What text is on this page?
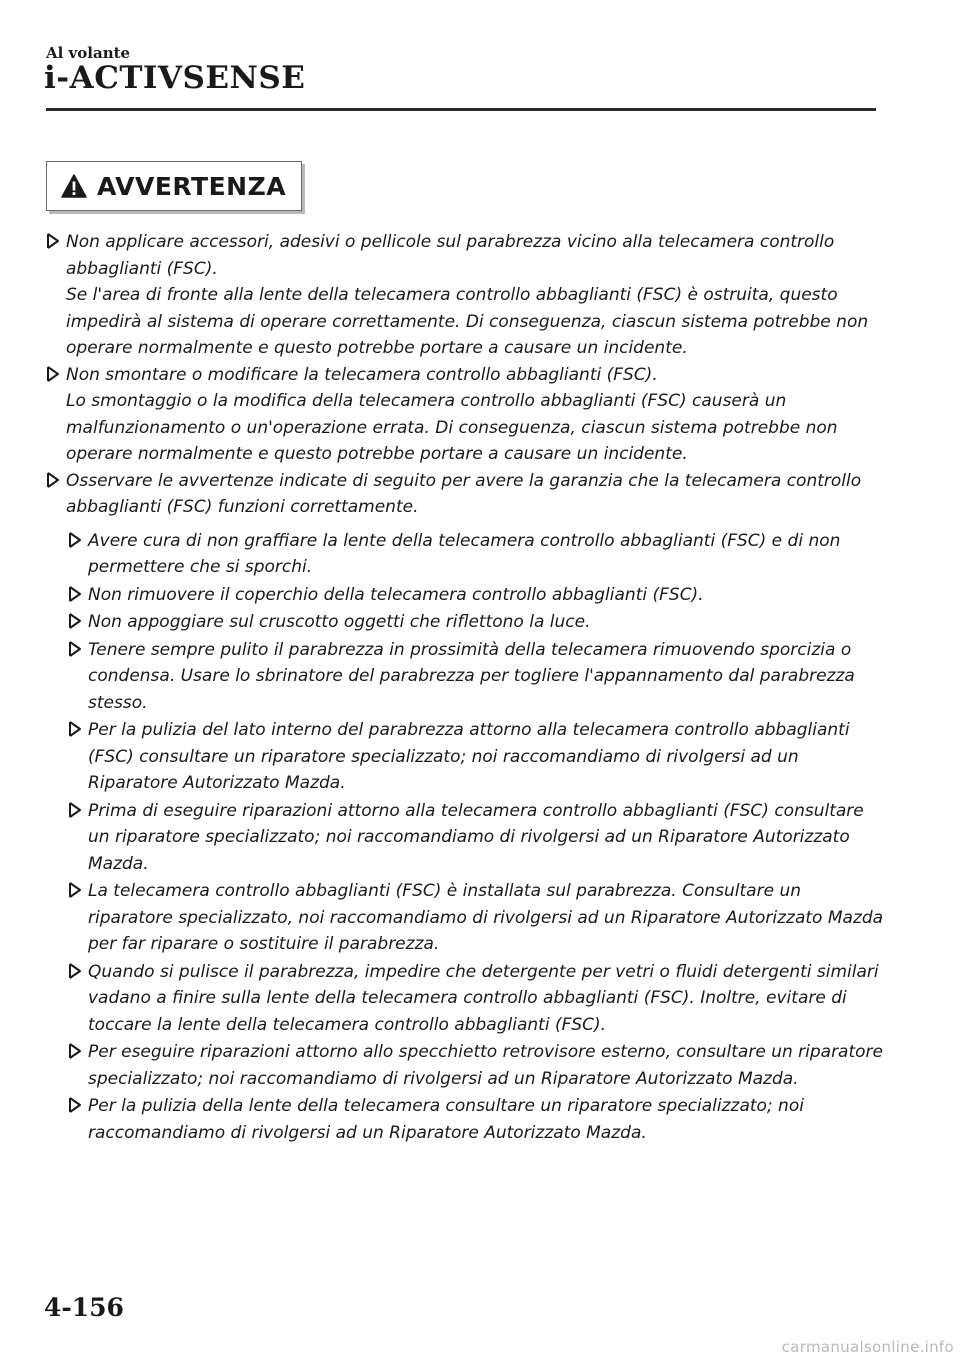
Al volante
i-ACTIVSENSE
AVVERTENZA
Non applicare accessori, adesivi o pellicole sul parabrezza vicino alla telecamera controllo abbaglianti (FSC).
Se l'area di fronte alla lente della telecamera controllo abbaglianti (FSC) è ostruita, questo impedirà al sistema di operare correttamente. Di conseguenza, ciascun sistema potrebbe non operare normalmente e questo potrebbe portare a causare un incidente.
Non smontare o modificare la telecamera controllo abbaglianti (FSC).
Lo smontaggio o la modifica della telecamera controllo abbaglianti (FSC) causerà un malfunzionamento o un'operazione errata. Di conseguenza, ciascun sistema potrebbe non operare normalmente e questo potrebbe portare a causare un incidente.
Osservare le avvertenze indicate di seguito per avere la garanzia che la telecamera controllo abbaglianti (FSC) funzioni correttamente.
Avere cura di non graffiare la lente della telecamera controllo abbaglianti (FSC) e di non permettere che si sporchi.
Non rimuovere il coperchio della telecamera controllo abbaglianti (FSC).
Non appoggiare sul cruscotto oggetti che riflettono la luce.
Tenere sempre pulito il parabrezza in prossimità della telecamera rimuovendo sporcizia o condensa. Usare lo sbrinatore del parabrezza per togliere l'appannamento dal parabrezza stesso.
Per la pulizia del lato interno del parabrezza attorno alla telecamera controllo abbaglianti (FSC) consultare un riparatore specializzato; noi raccomandiamo di rivolgersi ad un Riparatore Autorizzato Mazda.
Prima di eseguire riparazioni attorno alla telecamera controllo abbaglianti (FSC) consultare un riparatore specializzato; noi raccomandiamo di rivolgersi ad un Riparatore Autorizzato Mazda.
La telecamera controllo abbaglianti (FSC) è installata sul parabrezza. Consultare un riparatore specializzato, noi raccomandiamo di rivolgersi ad un Riparatore Autorizzato Mazda per far riparare o sostituire il parabrezza.
Quando si pulisce il parabrezza, impedire che detergente per vetri o fluidi detergenti similari vadano a finire sulla lente della telecamera controllo abbaglianti (FSC). Inoltre, evitare di toccare la lente della telecamera controllo abbaglianti (FSC).
Per eseguire riparazioni attorno allo specchietto retrovisore esterno, consultare un riparatore specializzato; noi raccomandiamo di rivolgersi ad un Riparatore Autorizzato Mazda.
Per la pulizia della lente della telecamera consultare un riparatore specializzato; noi raccomandiamo di rivolgersi ad un Riparatore Autorizzato Mazda.
4-156
carmanualsonline.info
